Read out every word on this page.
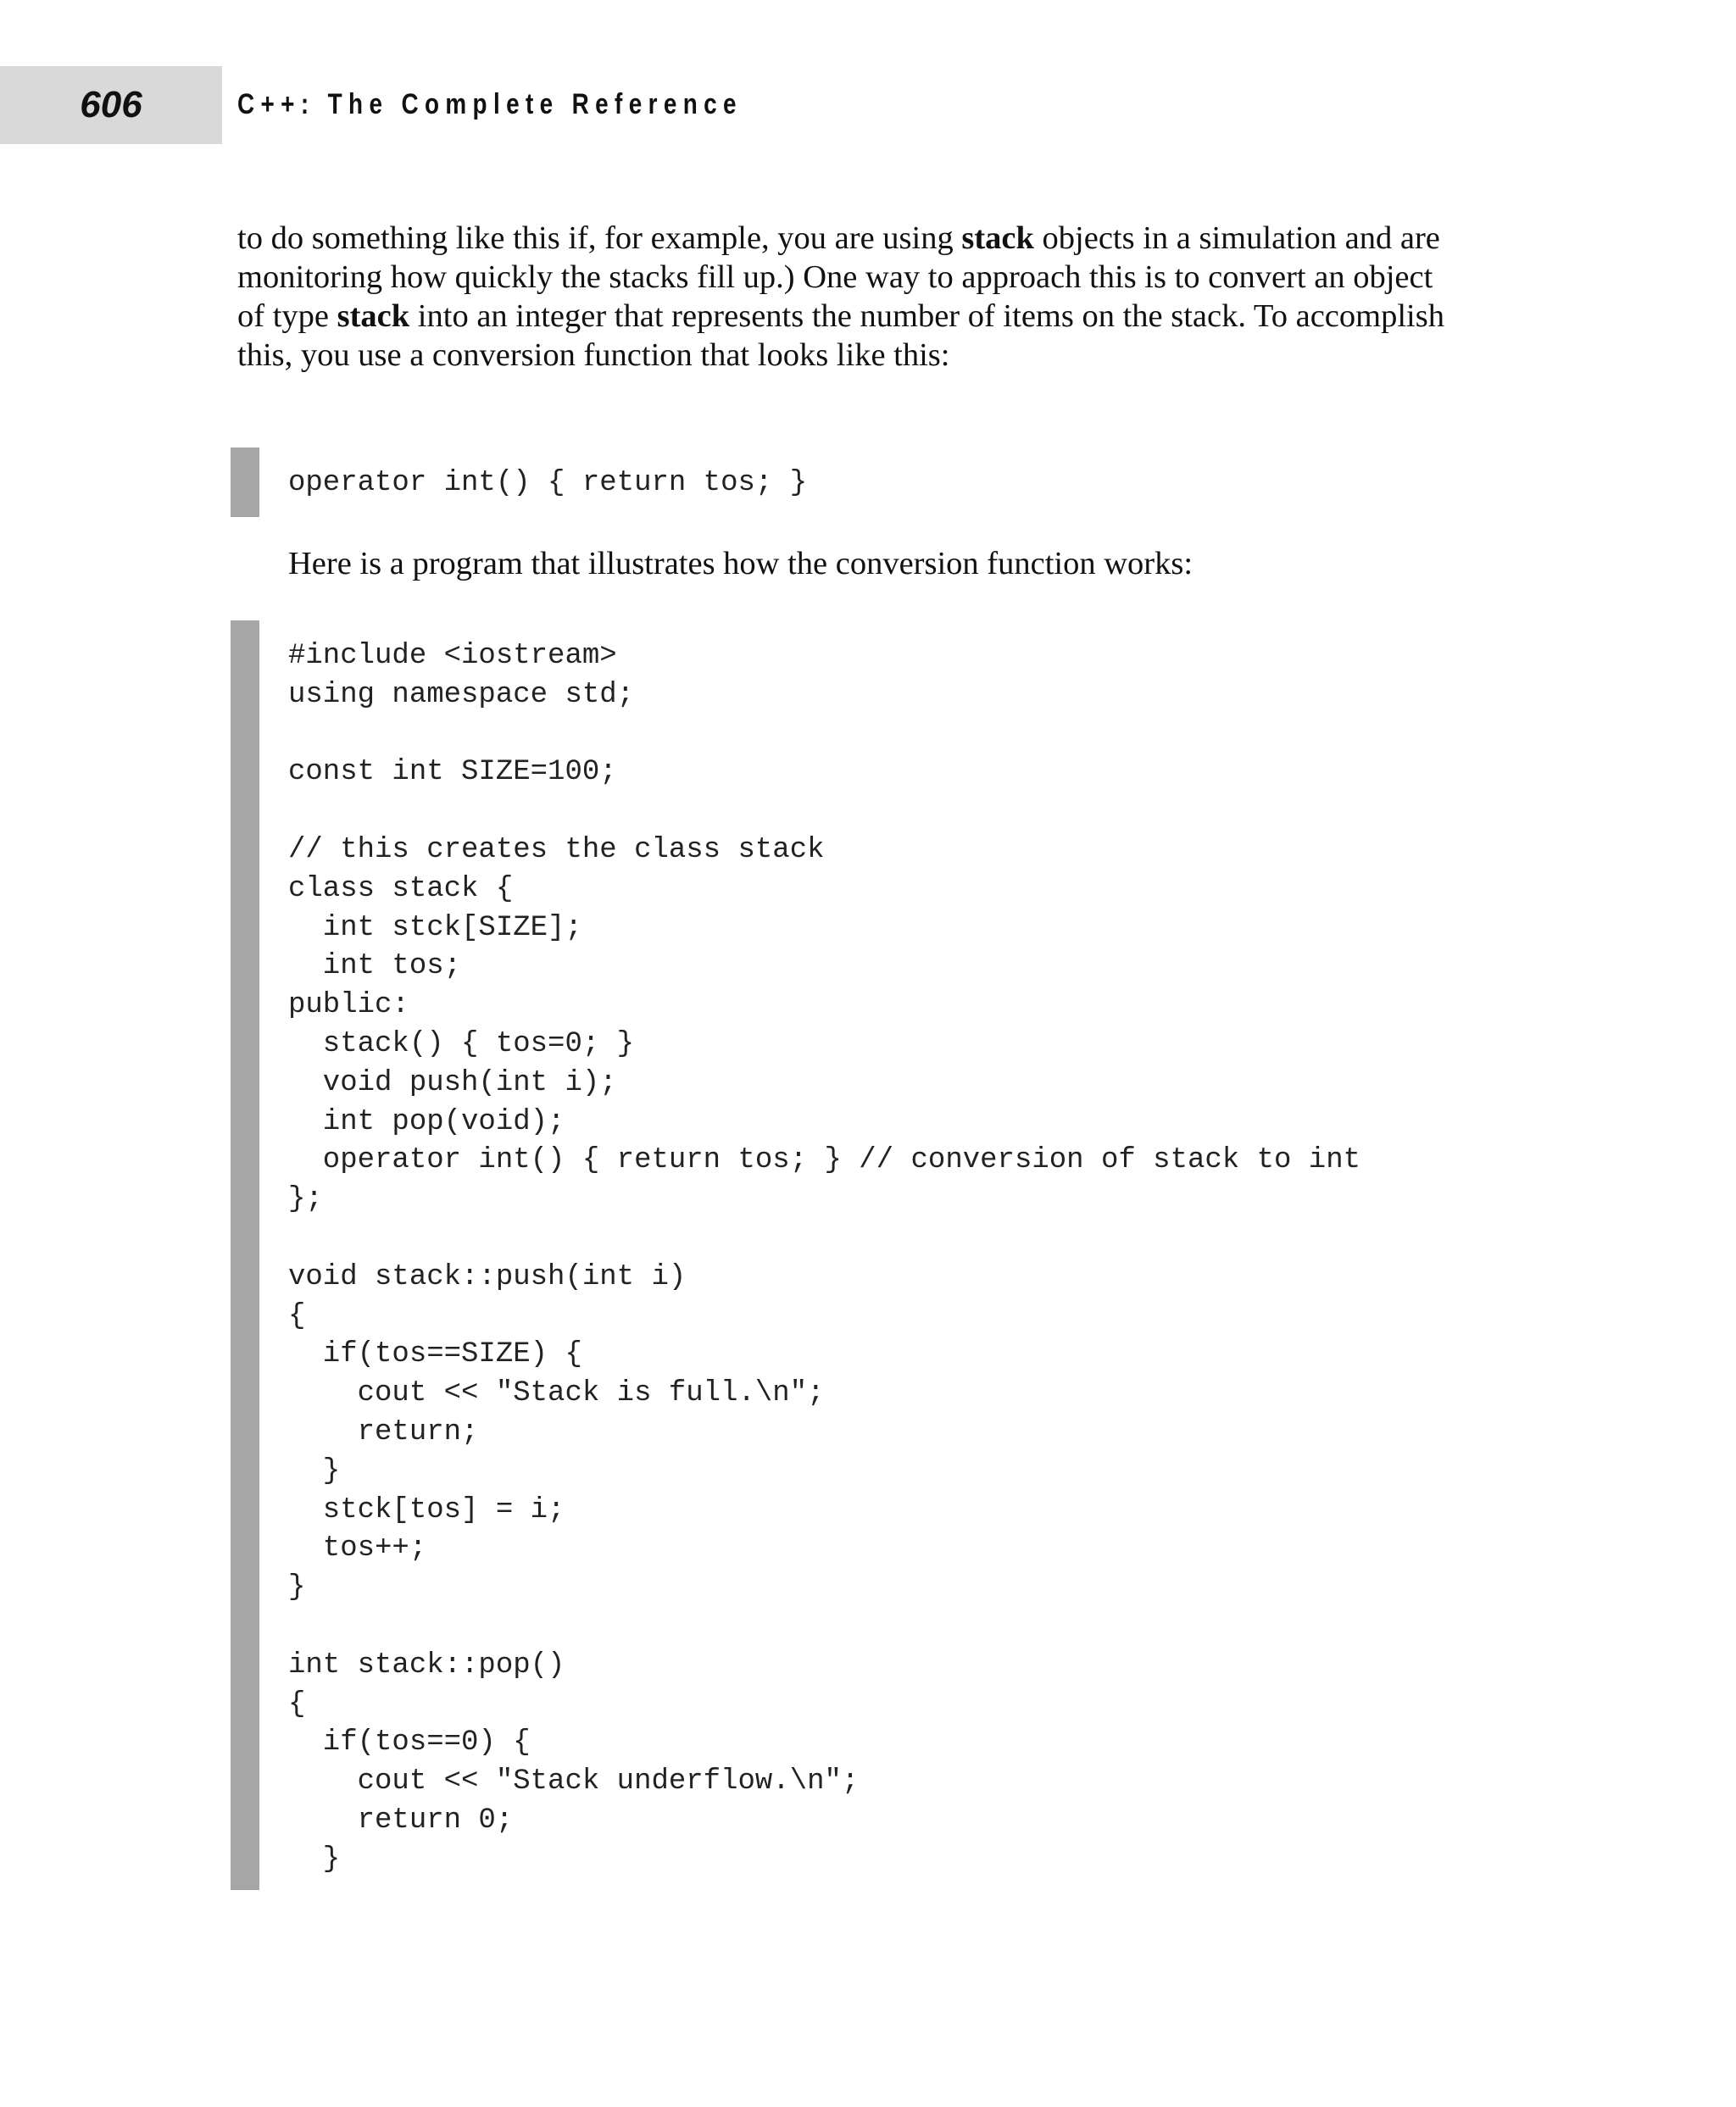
606	C++: The Complete Reference

to do something like this if, for example, you are using stack objects in a simulation and are monitoring how quickly the stacks fill up.) One way to approach this is to convert an object of type stack into an integer that represents the number of items on the stack. To accomplish this, you use a conversion function that looks like this:

operator int() { return tos; }
Here is a program that illustrates how the conversion function works:
#include <iostream>
using namespace std;

const int SIZE=100;

// this creates the class stack
class stack {
int stck[SIZE];
int tos;
public:
stack() { tos=0; }
void push(int i);
int pop(void);
operator int() { return tos; } // conversion of stack to int
};

void stack::push(int i)
{
if(tos==SIZE) {
cout << "Stack is full.\n";
return;
}
stck[tos] = i;
tos++;
}

int stack::pop()
{
if(tos==0) {
cout << "Stack underflow.\n";
return 0;
}
